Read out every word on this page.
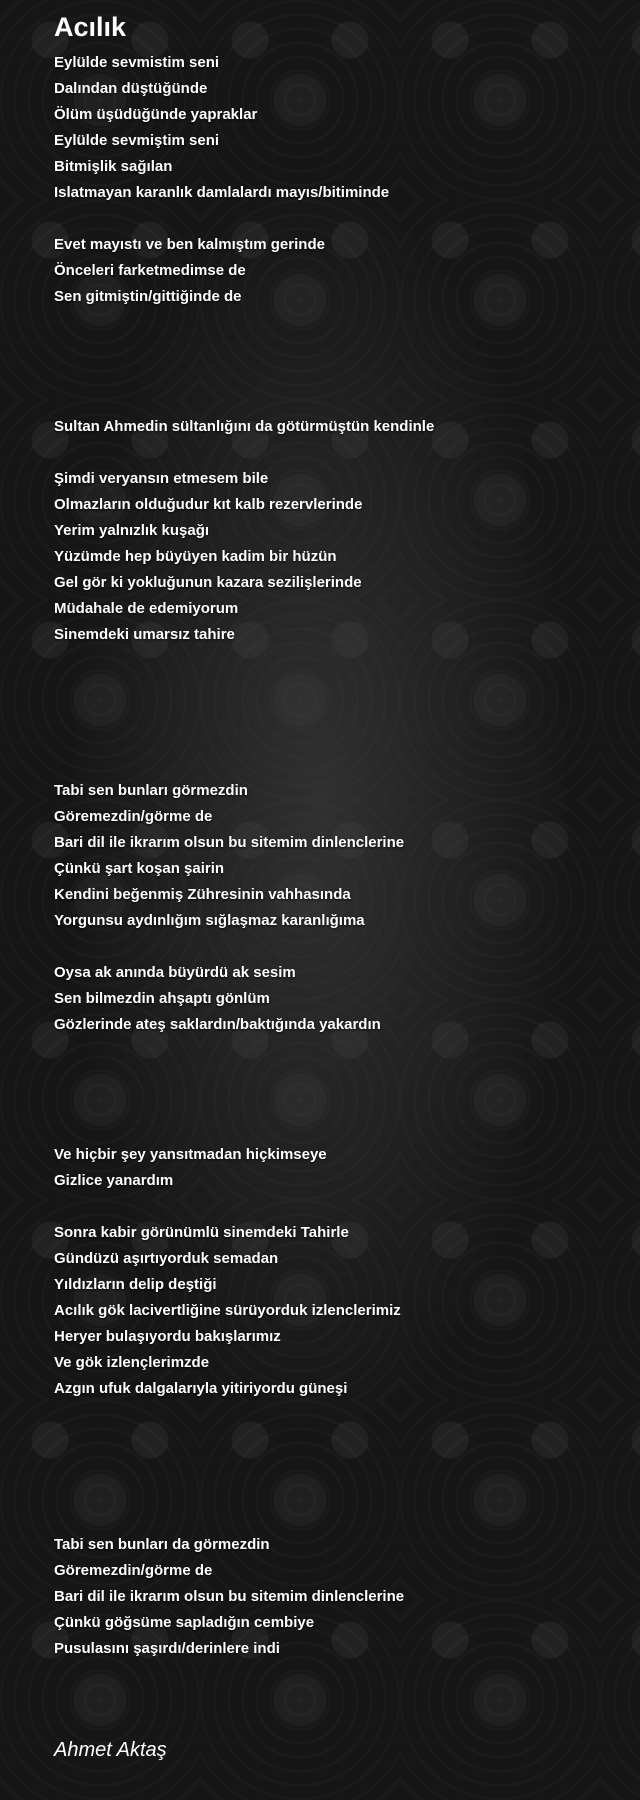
Acılık
Eylülde sevmistim seni
Dalından düştüğünde
Ölüm üşüdüğünde yapraklar
Eylülde sevmiştim seni
Bitmişlik sağılan
Islatmayan karanlık damlalardı mayıs/bitiminde
Evet mayıstı ve ben kalmıştım gerinde
Önceleri farketmedimse de
Sen gitmiştin/gittiğinde de
Sultan Ahmedin sültanlığını da götürmüştün kendinle
Şimdi veryansın etmesem bile
Olmazların olduğudur kıt kalb rezervlerinde
Yerim yalnızlık kuşağı
Yüzümde hep büyüyen kadim bir hüzün
Gel gör ki yokluğunun kazara sezilişlerinde
Müdahale de edemiyorum
Sinemdeki umarsız tahire
Tabi sen bunları görmezdin
Göremezdin/görme de
Bari dil ile ikrarım olsun bu sitemim dinlenclerine
Çünkü şart koşan şairin
Kendini beğenmiş Zühresinin vahhasında
Yorgunsu aydınlığım sığlaşmaz karanlığıma
Oysa ak anında büyürdü ak sesim
Sen bilmezdin ahşaptı gönlüm
Gözlerinde ateş saklardın/baktığında yakardın
Ve hiçbir şey yansıtmadan hiçkimseye
Gizlice yanardım
Sonra kabir görünümlü sinemdeki Tahirle
Gündüzü aşırtıyorduk semadan
Yıldızların delip deştiği
Acılık gök lacivertliğine sürüyorduk izlenclerimiz
Heryer bulaşıyordu bakışlarımız
Ve gök izlençlerimzde
Azgın ufuk dalgalarıyla yitiriyordu güneşi
Tabi sen bunları da görmezdin
Göremezdin/görme de
Bari dil ile ikrarım olsun bu sitemim dinlenclerine
Çünkü göğsüme sapladığın cembiye
Pusulasını şaşırdı/derinlere indi
Ahmet Aktaş
